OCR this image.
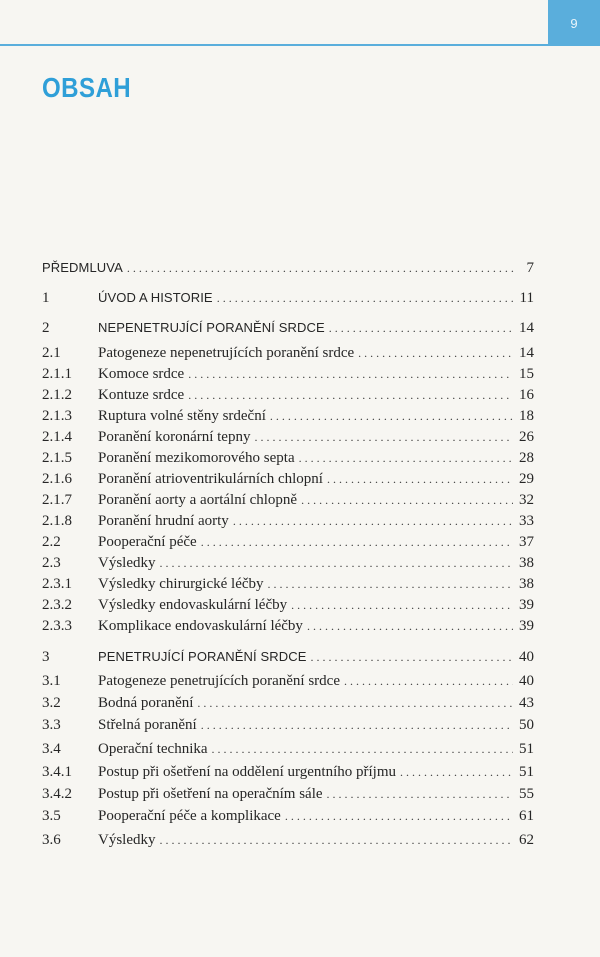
9
OBSAH
PŘEDMLUVA . . .	7
1	ÚVOD A HISTORIE . . .	11
2	NEPENETRUJÍCÍ PORANĚNÍ SRDCE . . .	14
2.1	Patogeneze nepenetrujících poranění srdce . . .	14
2.1.1	Komoce srdce . . .	15
2.1.2	Kontuze srdce . . .	16
2.1.3	Ruptura volné stěny srdeční . . .	18
2.1.4	Poranění koronární tepny . . .	26
2.1.5	Poranění mezikomorového septa . . .	28
2.1.6	Poranění atrioventrikulárních chlopní . . .	29
2.1.7	Poranění aorty a aortální chlopně . . .	32
2.1.8	Poranění hrudní aorty . . .	33
2.2	Pooperační péče . . .	37
2.3	Výsledky . . .	38
2.3.1	Výsledky chirurgické léčby . . .	38
2.3.2	Výsledky endovaskulární léčby . . .	39
2.3.3	Komplikace endovaskulární léčby . . .	39
3	PENETRUJÍCÍ PORANĚNÍ SRDCE . . .	40
3.1	Patogeneze penetrujících poranění srdce . . .	40
3.2	Bodná poranění . . .	43
3.3	Střelná poranění . . .	50
3.4	Operační technika . . .	51
3.4.1	Postup při ošetření na oddělení urgentního příjmu . . .	51
3.4.2	Postup při ošetření na operačním sále . . .	55
3.5	Pooperační péče a komplikace . . .	61
3.6	Výsledky . . .	62
